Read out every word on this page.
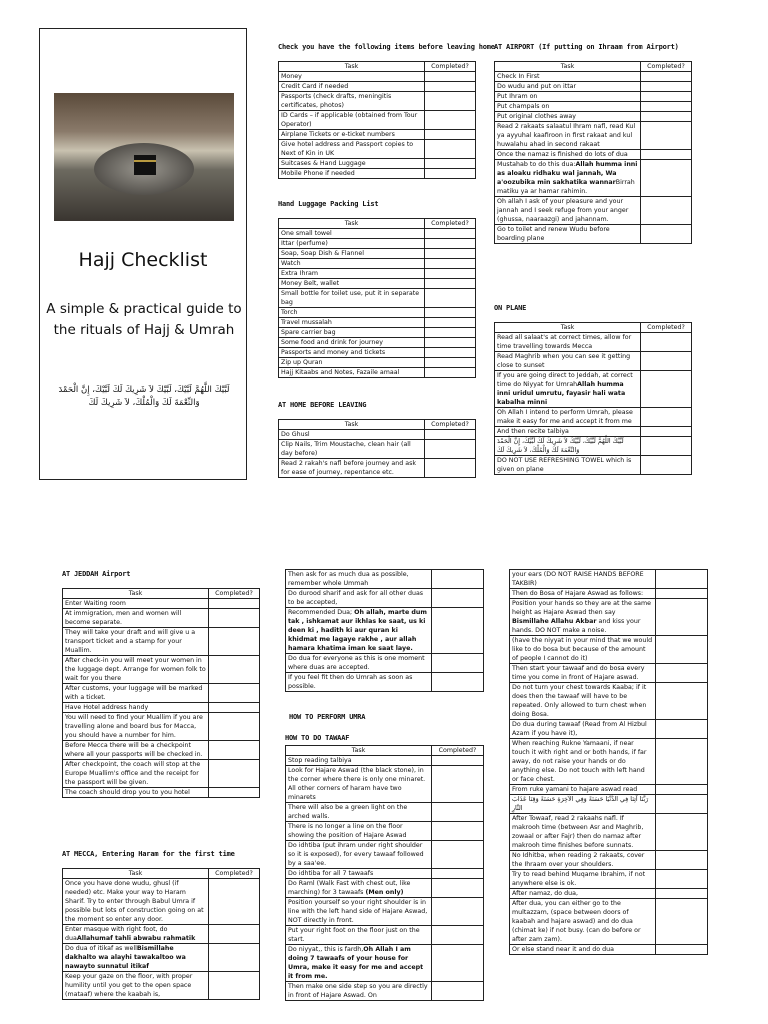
Hajj Checklist
A simple & practical guide to the rituals of Hajj & Umrah
لَبَّيْكَ اللَّهُمَّ لَبَّيْكَ، لَبَّيْكَ لاَ شَرِيكَ لَكَ لَبَّيْكَ، إِنَّ الْحَمْدَ وَالنِّعْمَةَ لَكَ وَالْمُلْكَ، لاَ شَرِيكَ لَكَ
Check you have the following items before leaving home
Task	Completed?
Money	
Credit Card if needed	
Passports (check drafts, meningitis certificates, photos)	
ID Cards – if applicable (obtained from Tour Operator)	
Airplane Tickets or e-ticket numbers	
Give hotel address and Passport copies to Next of Kin in UK	
Suitcases & Hand Luggage	
Mobile Phone if needed	
Hand Luggage Packing List
Task	Completed?
One small towel	
Ittar (perfume)	
Soap, Soap Dish & Flannel	
Watch	
Extra Ihram	
Money Belt, wallet	
Small bottle for toilet use, put it in separate bag	
Torch	
Travel mussalah	
Spare carrier bag	
Some food and drink for journey	
Passports and money and tickets	
Zip up Quran	
Hajj Kitaabs and Notes, Fazaile amaal	
AT HOME BEFORE LEAVING
Task	Completed?
Do Ghusl	
Clip Nails, Trim Moustache, clean hair (all day before)	
Read 2 rakah's nafl before journey and ask for ease of journey, repentance etc.	
AT AIRPORT (If putting on Ihraam from Airport)
Task	Completed?
Check In First	
Do wudu and put on ittar	
Put Ihram on	
Put champals on	
Put original clothes away	
Read 2 rakaats salaatul Ihram nafl, read Kul ya ayyuhal kaafiroon in first rakaat and kul huwalahu ahad in second rakaat	
Once the namaz is finished do lots of dua	
Mustahab to do this dua:Allah humma inni as aloaku ridhaku wal jannah, Wa a'oozubika min sakhatika wannarBirrah matiku ya ar hamar rahimin.	
Oh allah I ask of your pleasure and your jannah and I seek refuge from your anger (ghussa, naaraazgi) and jahannam.	
Go to toilet and renew Wudu before boarding plane	
ON PLANE
Task	Completed?
Read all salaat's at correct times, allow for time travelling towards Mecca	
Read Maghrib when you can see it getting close to sunset	
If you are going direct to Jeddah, at correct time do Niyyat for UmrahAllah humma inni uridul umrutu, fayasir hali wata kabalha minni	
Oh Allah I intend to perform Umrah, please make it easy for me and accept it from me	
And then recite talbiya	
لَبَّيْكَ اللَّهُمَّ لَبَّيْكَ، لَبَّيْكَ لاَ شَرِيكَ لَكَ لَبَّيْكَ، إِنَّ الْحَمْدَ وَالنِّعْمَةَ لَكَ وَالْمُلْكَ، لاَ شَرِيكَ لَكَ	
DO NOT USE REFRESHING TOWEL which is given on plane	
AT JEDDAH Airport
Task	Completed?
Enter Waiting room	
At immigration, men and women will become separate.	
They will take your draft and will give u a transport ticket and a stamp for your Muallim.	
After check-in you will meet your women in the luggage dept. Arrange for women folk to wait for you there	
After customs, your luggage will be marked with a ticket.	
Have Hotel address handy	
You will need to find your Muallim if you are travelling alone and board bus for Macca, you should have a number for him.	
Before Mecca there will be a checkpoint where all your passports will be checked in.	
After checkpoint, the coach will stop at the Europe Muallim's office and the receipt for the passport will be given.	
The coach should drop you to you hotel	
AT MECCA, Entering Haram for the first time
Task	Completed?
Once you have done wudu, ghusl (if needed) etc. Make your way to Haram Sharif. Try to enter through Babul Umra if possible but lots of construction going on at the moment so enter any door.	
Enter masque with right foot, do duaAllahumaf tahli abwabu rahmatik	
Do dua of itikaf as wellBismillahe dakhalto wa alayhi tawakaltoo wa nawayto sunnatul itikaf	
Keep your gaze on the floor, with proper humility until you get to the open space (mataaf) where the kaabah is,	
Then ask for as much dua as possible, remember whole Ummah	
Do durood sharif and ask for all other duas to be accepted,	
Recommended Dua; Oh allah, marte dum tak , ishkamat aur ikhlas ke saat, us ki deen ki , hadith ki aur quran ki khidmat me lagaye rakhe , aur allah hamara khatima iman ke saat laye.	
Do dua for everyone as this is one moment where duas are accepted.	
If you feel fit then do Umrah as soon as possible.	
HOW TO PERFORM UMRA
HOW TO DO TAWAAF
Task	Completed?
Stop reading talbiya	
Look for Hajare Aswad (the black stone), in the corner where there is only one minaret. All other corners of haram have two minarets	
There will also be a green light on the arched walls.	
There is no longer a line on the floor showing the position of Hajare Aswad	
Do idhtiba (put ihram under right shoulder so it is exposed), for every tawaaf followed by a saa'ee.	
Do idhtiba for all 7 tawaafs	
Do Raml (Walk Fast with chest out, like marching) for 3 tawaafs (Men only)	
Position yourself so your right shoulder is in line with the left hand side of Hajare Aswad, NOT directly in front.	
Put your right foot on the floor just on the start.	
Do niyyat,, this is fardh,Oh Allah I am doing 7 tawaafs of your house for Umra, make it easy for me and accept it from me.	
Then make one side step so you are directly in front of Hajare Aswad. On	
your ears (DO NOT RAISE HANDS BEFORE TAKBIR)	
Then do Bosa of Hajare Aswad as follows:	
Position your hands so they are at the same height as Hajare Aswad then say Bismillahe Allahu Akbar and kiss your hands. DO NOT make a noise.	
(have the niyyat in your mind that we would like to do bosa but because of the amount of people I cannot do it)	
Then start your tawaaf and do bosa every time you come in front of Hajare aswad.	
Do not turn your chest towards Kaaba; if it does then the tawaaf will have to be repeated. Only allowed to turn chest when doing Bosa.	
Do dua during tawaaf (Read from Al Hizbul Azam if you have it),	
When reaching Rukne Yamaani, if near touch it with right and or both hands, if far away, do not raise your hands or do anything else. Do not touch with left hand or face chest.	
From ruke yamani to hajare aswad read	
رَبَّنَا آتِنَا فِي الدُّنْيَا حَسَنَةً وَفِي الآخِرَةِ حَسَنَةً وَقِنَا عَذَابَ النَّارِ	
After Towaaf, read 2 rakaahs nafl. If makrooh time (between Asr and Maghrib, zowaal or after Fajr) then do namaz after makrooh time finishes before sunnats.	
No Idhitba, when reading 2 rakaats, cover the Ihraam over your shoulders.	
Try to read behind Muqame Ibrahim, if not anywhere else is ok.	
After namaz, do dua,	
After dua, you can either go to the multazzam, (space between doors of kaabah and hajare aswad) and do dua (chimat ke) if not busy. (can do before or after zam zam).	
Or else stand near it and do dua	
